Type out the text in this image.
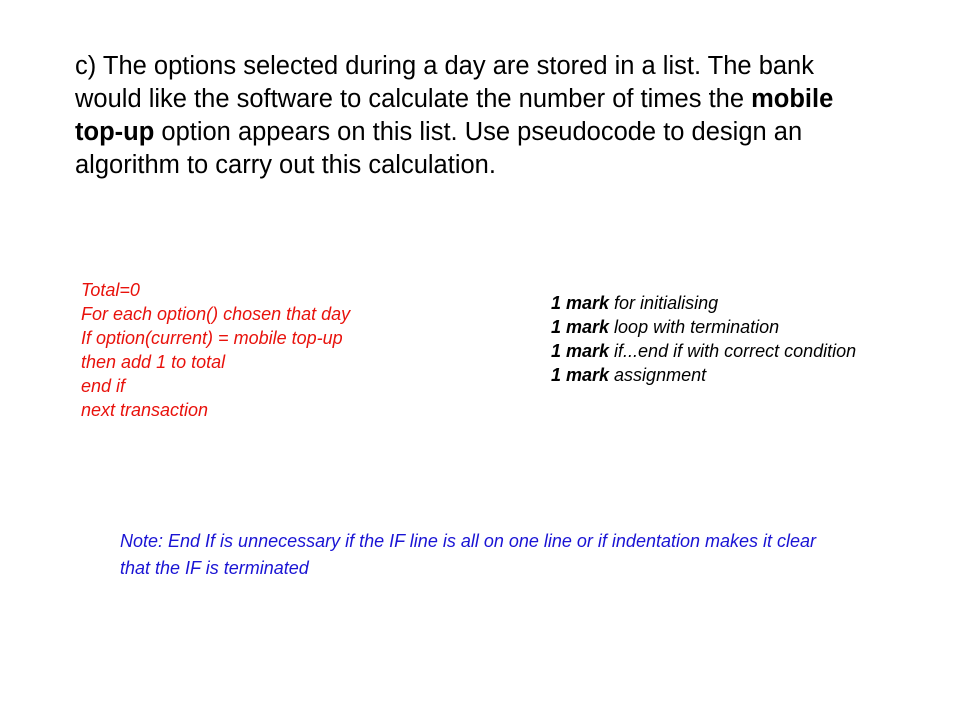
c) The options selected during a day are stored in a list. The bank would like the software to calculate the number of times the mobile top-up option appears on this list. Use pseudocode to design an algorithm to carry out this calculation.
Total=0
For each option() chosen that day
If option(current) = mobile top-up
then add 1 to total
end if
next transaction
1 mark for initialising
1 mark loop with termination
1 mark if...end if with correct condition
1 mark assignment
Note: End If is unnecessary if the IF line is all on one line or if indentation makes it clear that the IF is terminated
